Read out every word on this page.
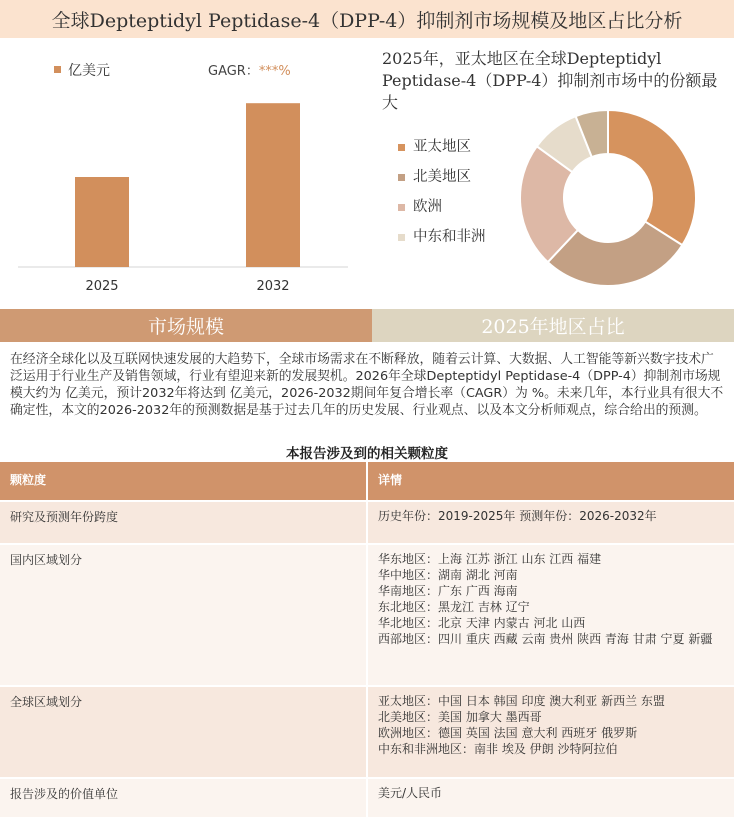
全球Depteptidyl Peptidase-4（DPP-4）抑制剂市场规模及地区占比分析
亿美元	GAGR：***%
2025	2032
2025年，亚太地区在全球Depteptidyl Peptidase-4（DPP-4）抑制剂市场中的份额最大
亚太地区
北美地区
欧洲
中东和非洲
市场规模	2025年地区占比
在经济全球化以及互联网快速发展的大趋势下，全球市场需求在不断释放，随着云计算、大数据、人工智能等新兴数字技术广泛运用于行业生产及销售领域，行业有望迎来新的发展契机。2026年全球Depteptidyl Peptidase-4（DPP-4）抑制剂市场规模大约为 亿美元，预计2032年将达到 亿美元，2026-2032期间年复合增长率（CAGR）为 %。未来几年，本行业具有很大不确定性，本文的2026-2032年的预测数据是基于过去几年的历史发展、行业观点、以及本文分析师观点，综合给出的预测。
本报告涉及到的相关颗粒度
颗粒度	详情
研究及预测年份跨度	历史年份：2019-2025年 预测年份：2026-2032年
国内区域划分	华东地区：上海 江苏 浙江 山东 江西 福建
华中地区：湖南 湖北 河南
华南地区：广东 广西 海南
东北地区：黑龙江 吉林 辽宁
华北地区：北京 天津 内蒙古 河北 山西
西部地区：四川 重庆 西藏 云南 贵州 陕西 青海 甘肃 宁夏 新疆
全球区域划分	亚太地区：中国 日本 韩国 印度 澳大利亚 新西兰 东盟
北美地区：美国 加拿大 墨西哥
欧洲地区：德国 英国 法国 意大利 西班牙 俄罗斯
中东和非洲地区：南非 埃及 伊朗 沙特阿拉伯
报告涉及的价值单位	美元/人民币
